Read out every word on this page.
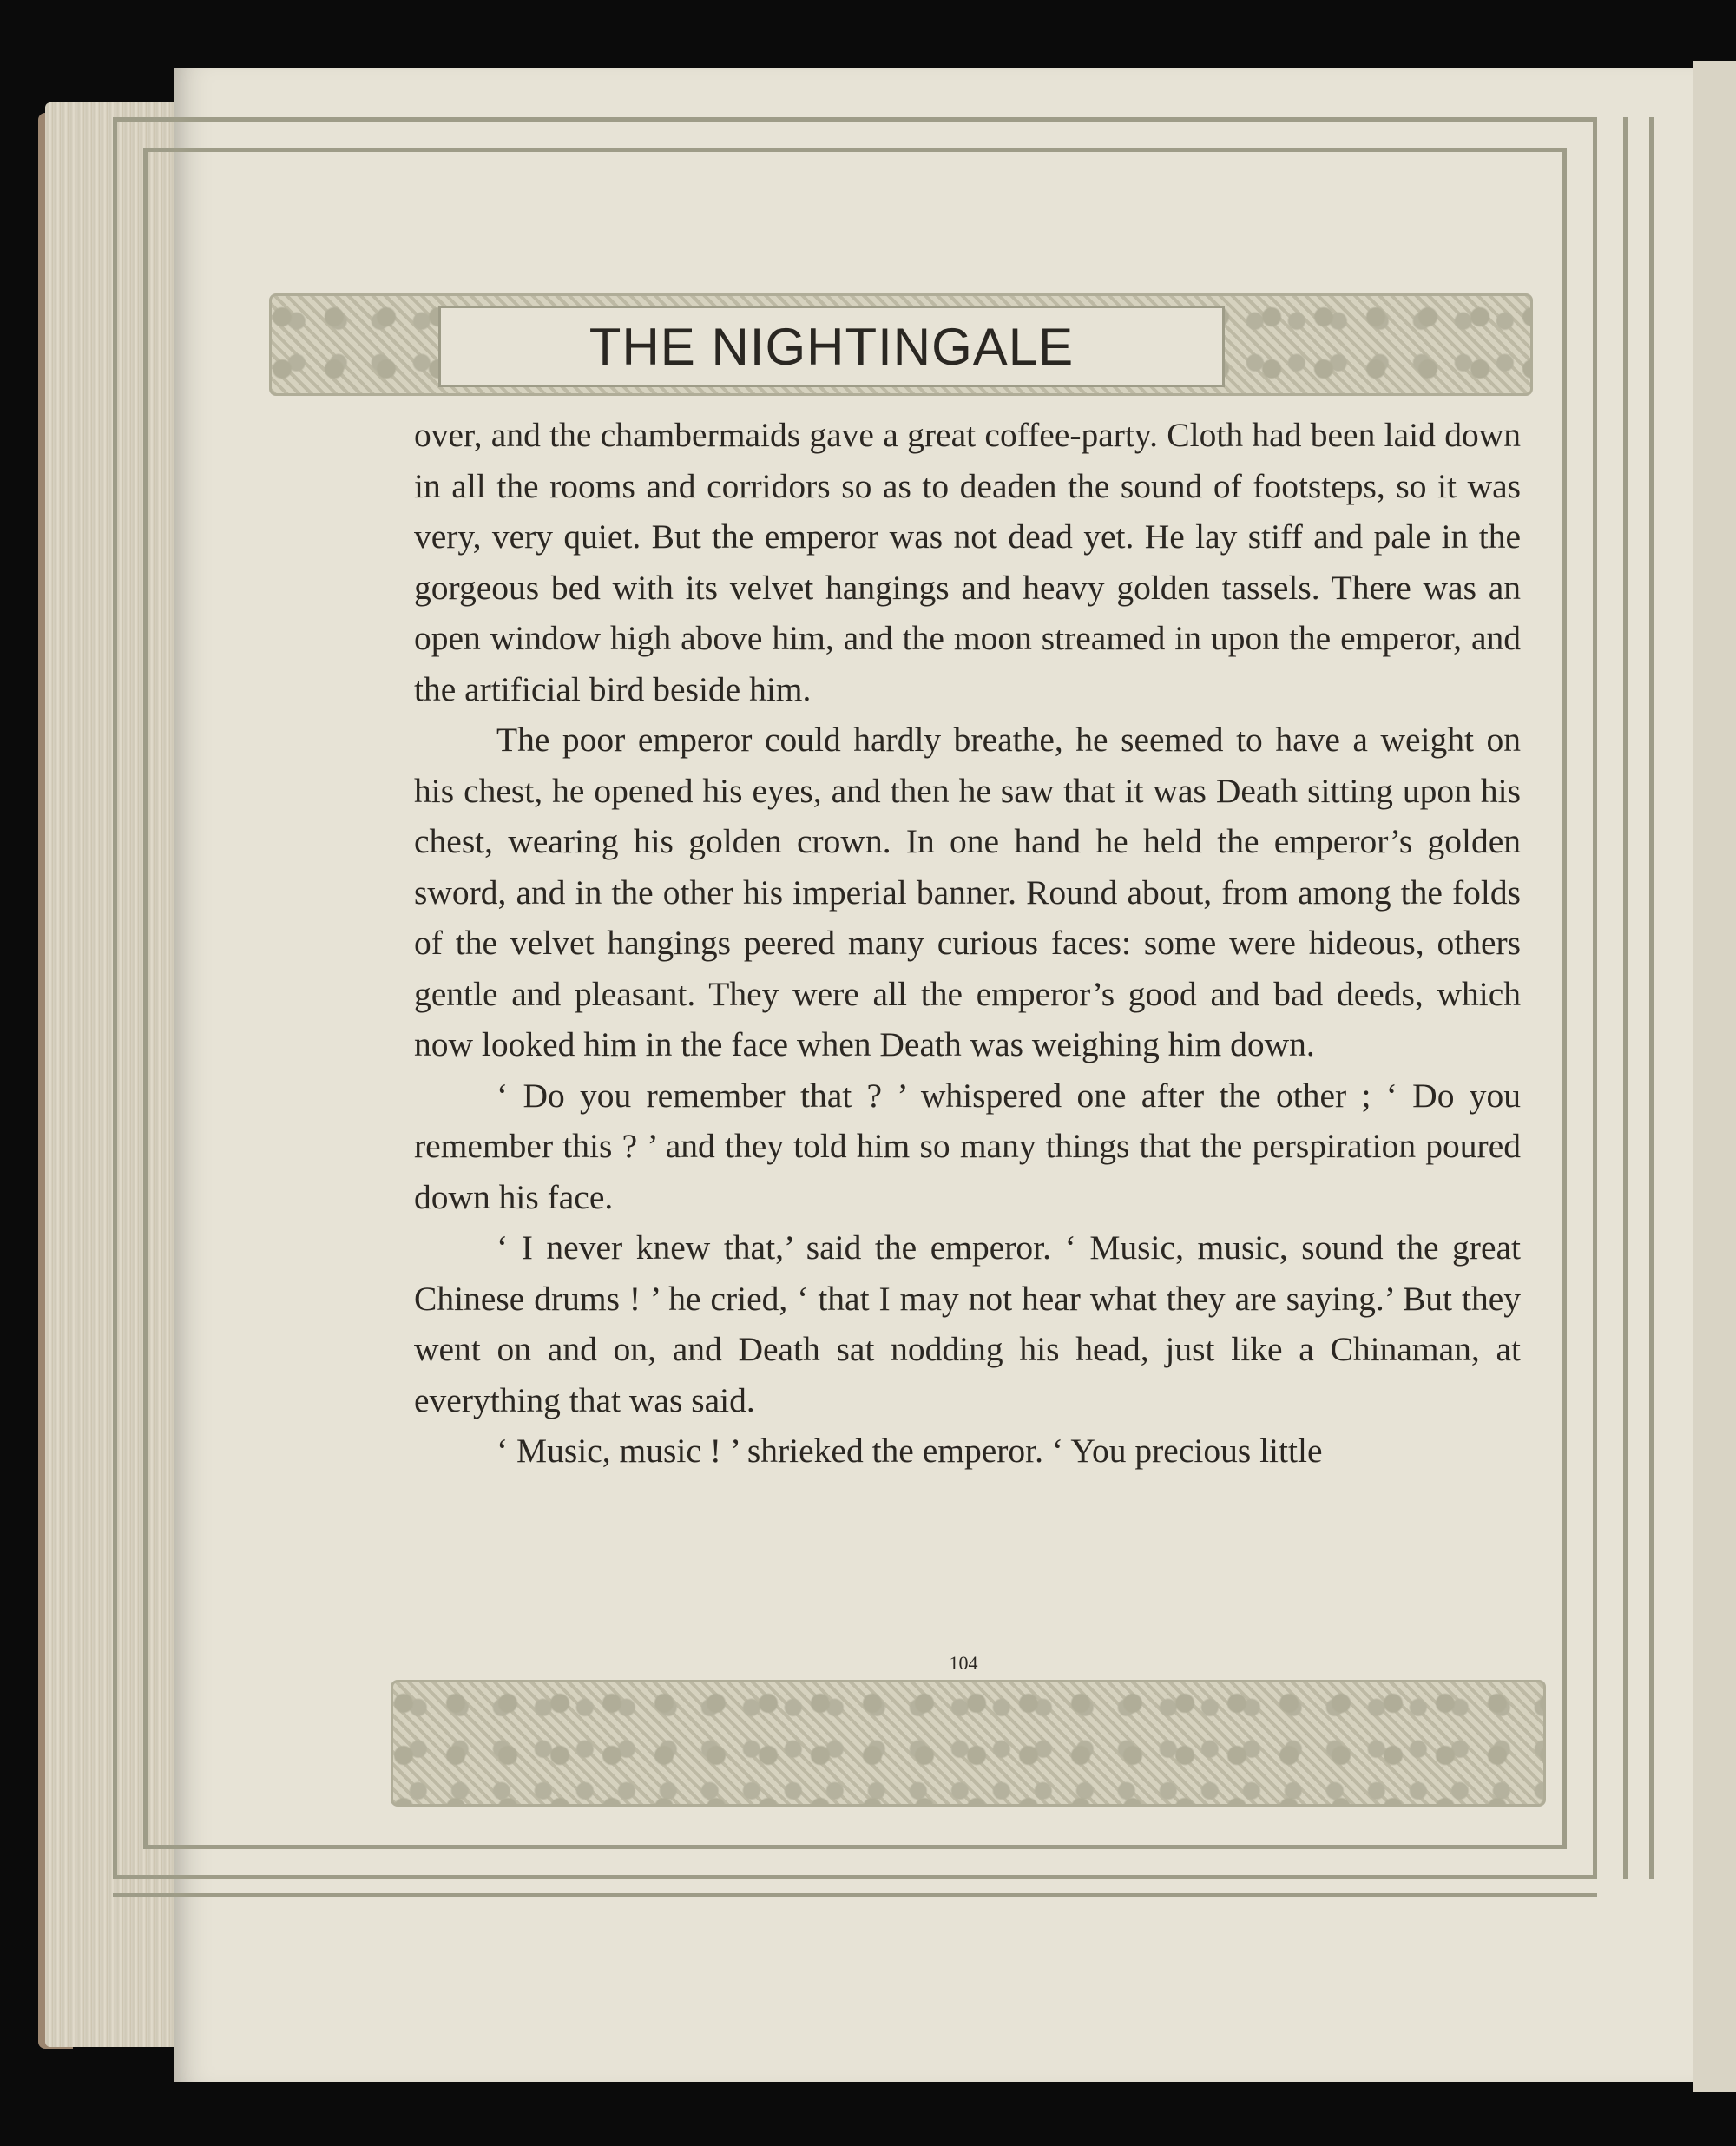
THE NIGHTINGALE

over, and the chambermaids gave a great coffee-party. Cloth had been laid down in all the rooms and corridors so as to deaden the sound of footsteps, so it was very, very quiet. But the emperor was not dead yet. He lay stiff and pale in the gorgeous bed with its velvet hangings and heavy golden tassels. There was an open window high above him, and the moon streamed in upon the emperor, and the artificial bird beside him.

The poor emperor could hardly breathe, he seemed to have a weight on his chest, he opened his eyes, and then he saw that it was Death sitting upon his chest, wearing his golden crown. In one hand he held the emperor’s golden sword, and in the other his imperial banner. Round about, from among the folds of the velvet hangings peered many curious faces: some were hideous, others gentle and pleasant. They were all the emperor’s good and bad deeds, which now looked him in the face when Death was weighing him down.

‘ Do you remember that ? ’ whispered one after the other ; ‘ Do you remember this ? ’ and they told him so many things that the perspiration poured down his face.

‘ I never knew that,’ said the emperor. ‘ Music, music, sound the great Chinese drums ! ’ he cried, ‘ that I may not hear what they are saying.’ But they went on and on, and Death sat nodding his head, just like a Chinaman, at everything that was said.

‘ Music, music ! ’ shrieked the emperor. ‘ You precious little

104
